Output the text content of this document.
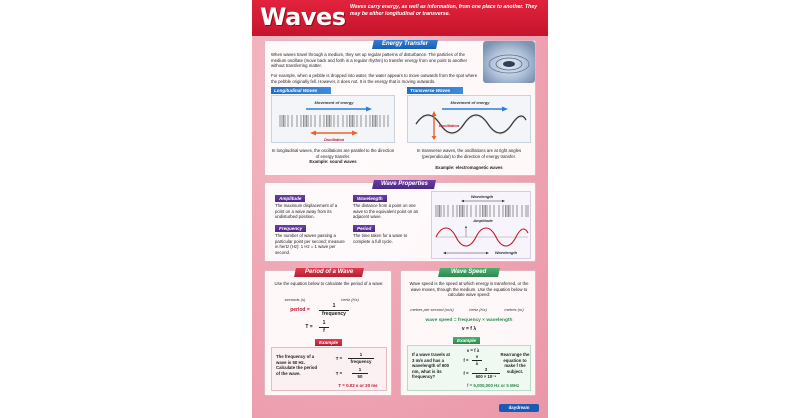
Waves Waves carry energy, as well as information, from one place to another. They may be either longitudinal or transverse.
Energy Transfer
When waves travel through a medium, they set up regular patterns of disturbance. The particles of the medium oscillate (move back and forth in a regular rhythm) to transfer energy from one point to another without transferring matter.
For example, when a pebble is dropped into water, the water appears to move outwards from the spot where the pebble originally fell. However, it does not. It is the energy that is moving outwards.
Longitudinal Waves
Movement of energy
Oscillation
In longitudinal waves, the oscillations are parallel to the direction of energy transfer.
Example: sound waves
Transverse Waves
Movement of energy
Oscillation
In transverse waves, the oscillations are at right angles (perpendicular) to the direction of energy transfer.
Example: electromagnetic waves
Wave Properties
Amplitude
The maximum displacement of a point on a wave away from its undisturbed position.
Wavelength
The distance from a point on one wave to the equivalent point on an adjacent wave.
Frequency
The number of waves passing a particular point per second; measure in hertz (Hz): 1 Hz = 1 wave per second.
Period
The time taken for a wave to complete a full cycle.
Wavelength
Amplitude
Wavelength
Period of a Wave
Use the equation below to calculate the period of a wave:
seconds (s)	hertz (Hz)
period =
1
frequency
T =
1
f
Example
The frequency of a wave is 50 Hz. Calculate the period of the wave.
T =
1
frequency
T =
1
50
T = 0.02 s or 20 ms
Wave Speed
Wave speed is the speed at which energy is transferred, or the wave moves, through the medium. Use the equation below to calculate wave speed:
metres per second (m/s)	hertz (Hz)	metres (m)
wave speed = frequency × wavelength
v = f λ
Example
If a wave travels at 3 m/s and has a wavelength of 600 nm, what is its frequency?
v = f λ
f =
v
λ
f =
3
600 × 10⁻⁹
f = 5,000,000 Hz or 5 MHz
Rearrange the equation to make f the subject.
daydream
